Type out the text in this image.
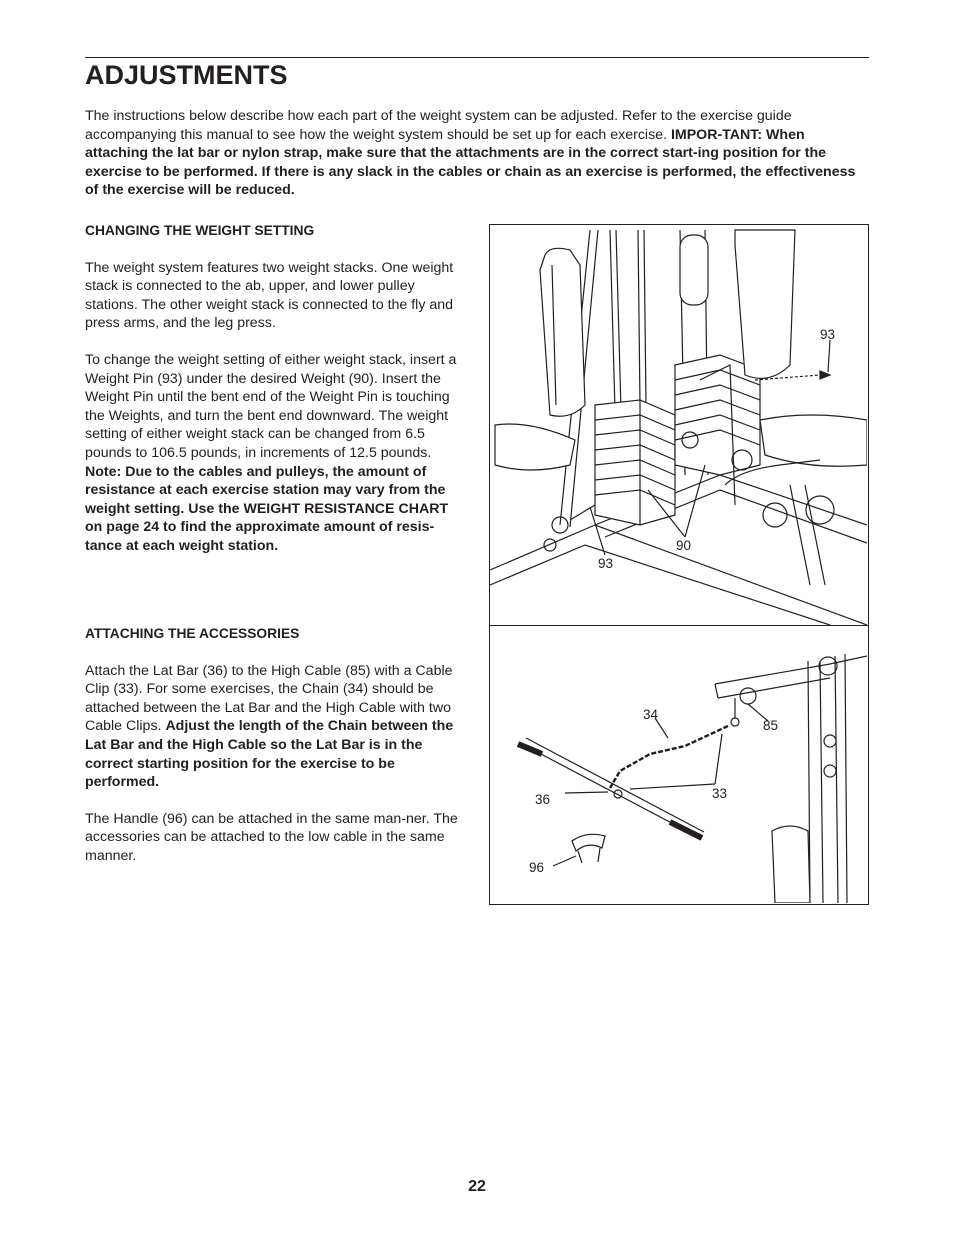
ADJUSTMENTS

The instructions below describe how each part of the weight system can be adjusted. Refer to the exercise guide accompanying this manual to see how the weight system should be set up for each exercise. IMPOR-TANT: When attaching the lat bar or nylon strap, make sure that the attachments are in the correct start-ing position for the exercise to be performed. If there is any slack in the cables or chain as an exercise is performed, the effectiveness of the exercise will be reduced.

CHANGING THE WEIGHT SETTING

The weight system features two weight stacks. One weight stack is connected to the ab, upper, and lower pulley stations. The other weight stack is connected to the fly and press arms, and the leg press.

To change the weight setting of either weight stack, insert a Weight Pin (93) under the desired Weight (90). Insert the Weight Pin until the bent end of the Weight Pin is touching the Weights, and turn the bent end downward. The weight setting of either weight stack can be changed from 6.5 pounds to 106.5 pounds, in increments of 12.5 pounds. Note: Due to the cables and pulleys, the amount of resistance at each exercise station may vary from the weight setting. Use the WEIGHT RESISTANCE CHART on page 24 to find the approximate amount of resis-tance at each weight station.

ATTACHING THE ACCESSORIES

Attach the Lat Bar (36) to the High Cable (85) with a Cable Clip (33). For some exercises, the Chain (34) should be attached between the Lat Bar and the High Cable with two Cable Clips. Adjust the length of the Chain between the Lat Bar and the High Cable so the Lat Bar is in the correct starting position for the exercise to be performed.

The Handle (96) can be attached in the same man-ner. The accessories can be attached to the low cable in the same manner.

93
93
90
34
85
36	33
96
22
